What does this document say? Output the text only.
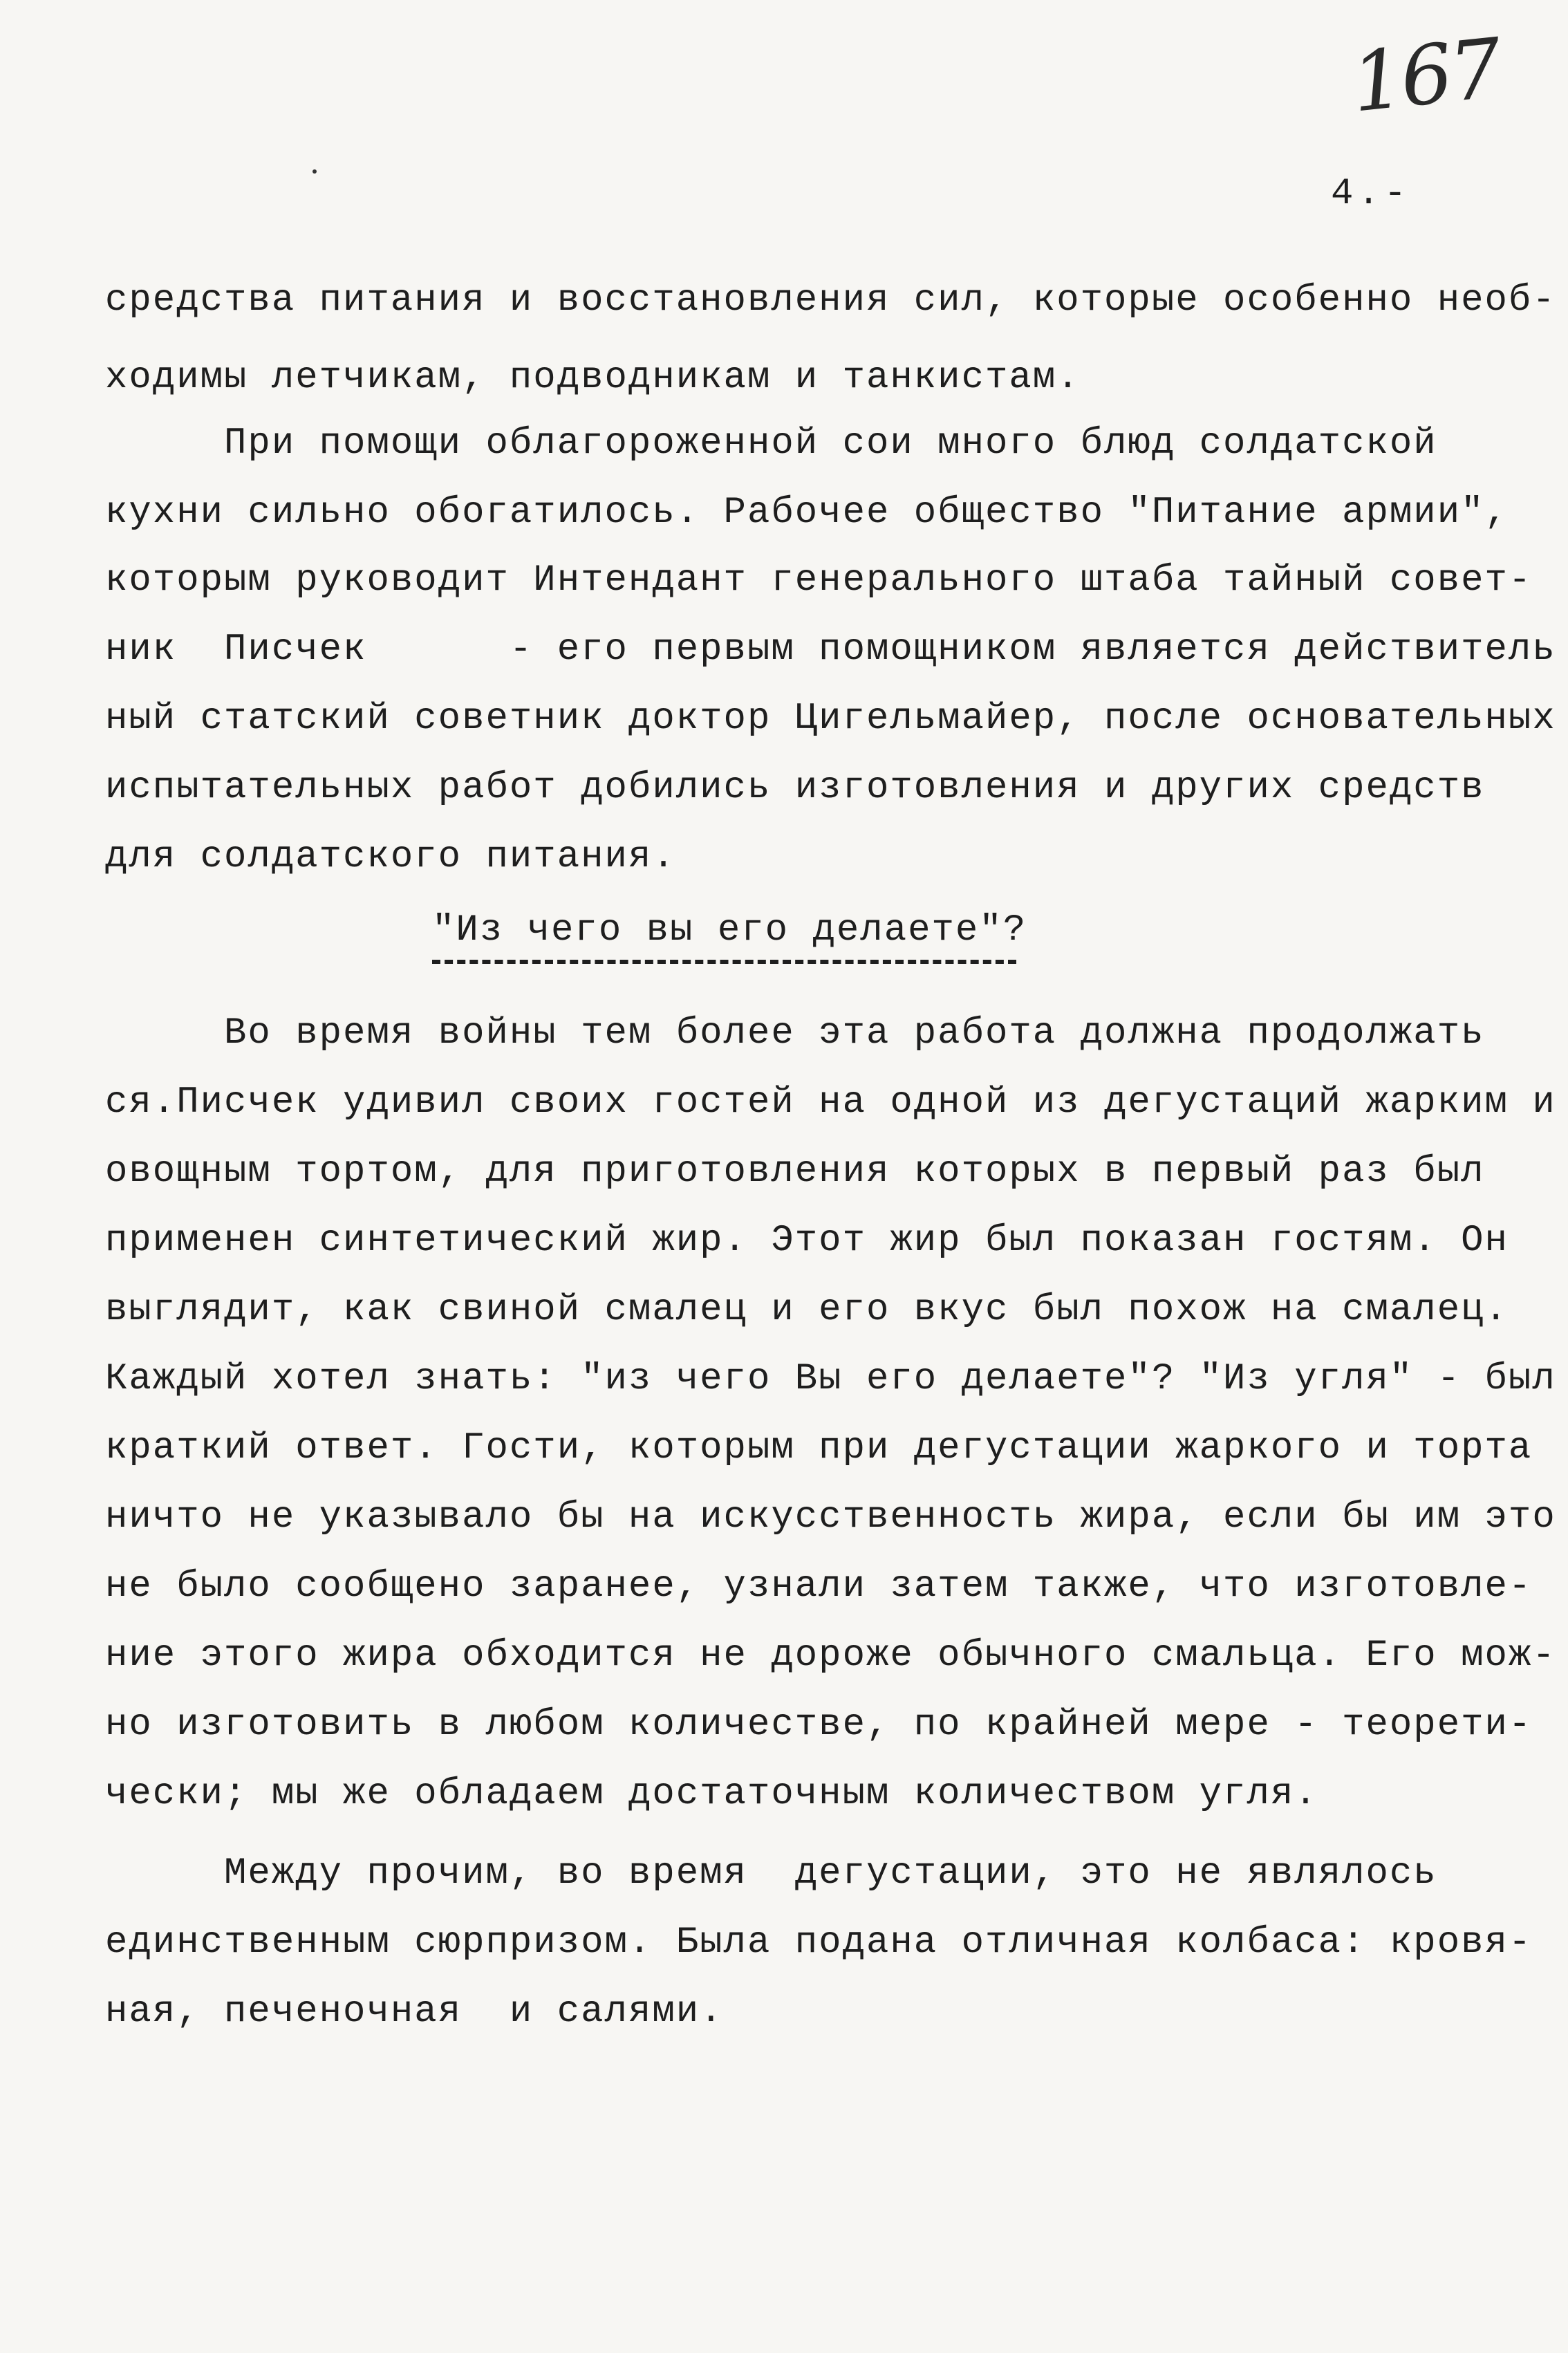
167
4.-
средства питания и восстановления сил, которые особенно необ-
ходимы летчикам, подводникам и танкистам.
При помощи облагороженной сои много блюд солдатской
кухни сильно обогатилось. Рабочее общество "Питание армии",
которым руководит Интендант генерального штаба тайный совет-
ник  Писчек      - его первым помощником является действитель
ный статский советник доктор Цигельмайер, после основательных
испытательных работ добились изготовления и других средств
для солдатского питания.
"Из чего вы его делаете"?
Во время войны тем более эта работа должна продолжать
ся.Писчек удивил своих гостей на одной из дегустаций жарким и
овощным тортом, для приготовления которых в первый раз был
применен синтетический жир. Этот жир был показан гостям. Он
выглядит, как свиной смалец и его вкус был похож на смалец.
Каждый хотел знать: "из чего Вы его делаете"? "Из угля" - был
краткий ответ. Гости, которым при дегустации жаркого и торта
ничто не указывало бы на искусственность жира, если бы им это
не было сообщено заранее, узнали затем также, что изготовле-
ние этого жира обходится не дороже обычного смальца. Его мож-
но изготовить в любом количестве, по крайней мере - теорети-
чески; мы же обладаем достаточным количеством угля.
Между прочим, во время  дегустации, это не являлось
единственным сюрпризом. Была подана отличная колбаса: кровя-
ная, печеночная  и салями.
